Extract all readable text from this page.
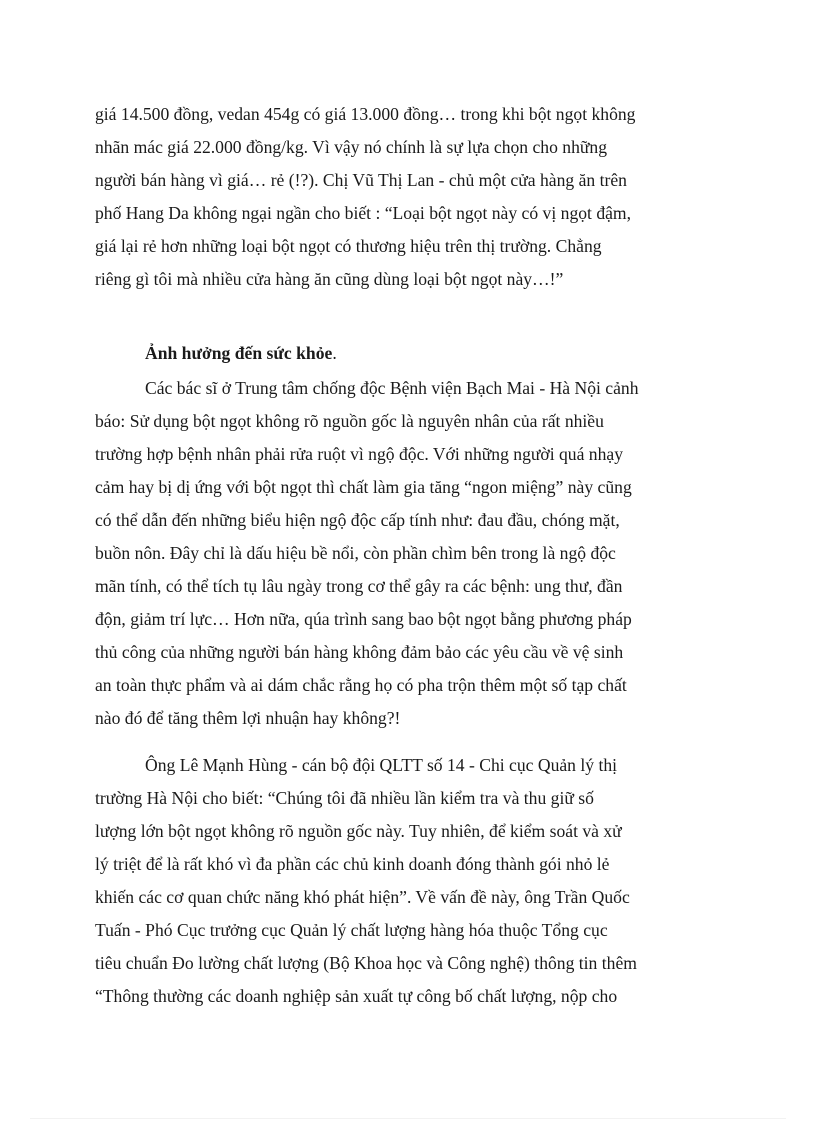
giá 14.500 đồng, vedan 454g có giá 13.000 đồng… trong khi bột ngọt không
nhãn mác giá 22.000 đồng/kg. Vì vậy nó chính là sự lựa chọn cho những
người bán hàng vì giá… rẻ (!?). Chị Vũ Thị Lan - chủ một cửa hàng ăn trên
phố Hang Da không ngại ngần cho biết : “Loại bột ngọt này có vị ngọt đậm,
giá lại rẻ hơn những loại bột ngọt có thương hiệu trên thị trường. Chẳng
riêng gì tôi mà nhiều cửa hàng ăn cũng dùng loại bột ngọt này…!”
Ảnh hưởng đến sức khỏe.
Các bác sĩ ở Trung tâm chống độc Bệnh viện Bạch Mai - Hà Nội cảnh
báo: Sử dụng bột ngọt không rõ nguồn gốc là nguyên nhân của rất nhiều
trường hợp bệnh nhân phải rửa ruột vì ngộ độc. Với những người quá nhạy
cảm hay bị dị ứng với bột ngọt thì chất làm gia tăng “ngon miệng” này cũng
có thể dẫn đến những biểu hiện ngộ độc cấp tính như: đau đầu, chóng mặt,
buồn nôn. Đây chỉ là dấu hiệu bề nổi, còn phần chìm bên trong là ngộ độc
mãn tính, có thể tích tụ lâu ngày trong cơ thể gây ra các bệnh: ung thư, đần
độn, giảm trí lực… Hơn nữa, qúa trình sang bao bột ngọt bằng phương pháp
thủ công của những người bán hàng không đảm bảo các yêu cầu về vệ sinh
an toàn thực phẩm và ai dám chắc rằng họ có pha trộn thêm một số tạp chất
nào đó để tăng thêm lợi nhuận hay không?!
Ông Lê Mạnh Hùng - cán bộ đội QLTT số 14 - Chi cục Quản lý thị
trường Hà Nội cho biết: “Chúng tôi đã nhiều lần kiểm tra và thu giữ số
lượng lớn bột ngọt không rõ nguồn gốc này. Tuy nhiên, để kiểm soát và xử
lý triệt để là rất khó vì đa phần các chủ kinh doanh đóng thành gói nhỏ lẻ
khiến các cơ quan chức năng khó phát hiện”. Về vấn đề này, ông Trần Quốc
Tuấn - Phó Cục trưởng cục Quản lý chất lượng hàng hóa thuộc Tổng cục
tiêu chuẩn Đo lường chất lượng (Bộ Khoa học và Công nghệ) thông tin thêm
“Thông thường các doanh nghiệp sản xuất tự công bố chất lượng, nộp cho
